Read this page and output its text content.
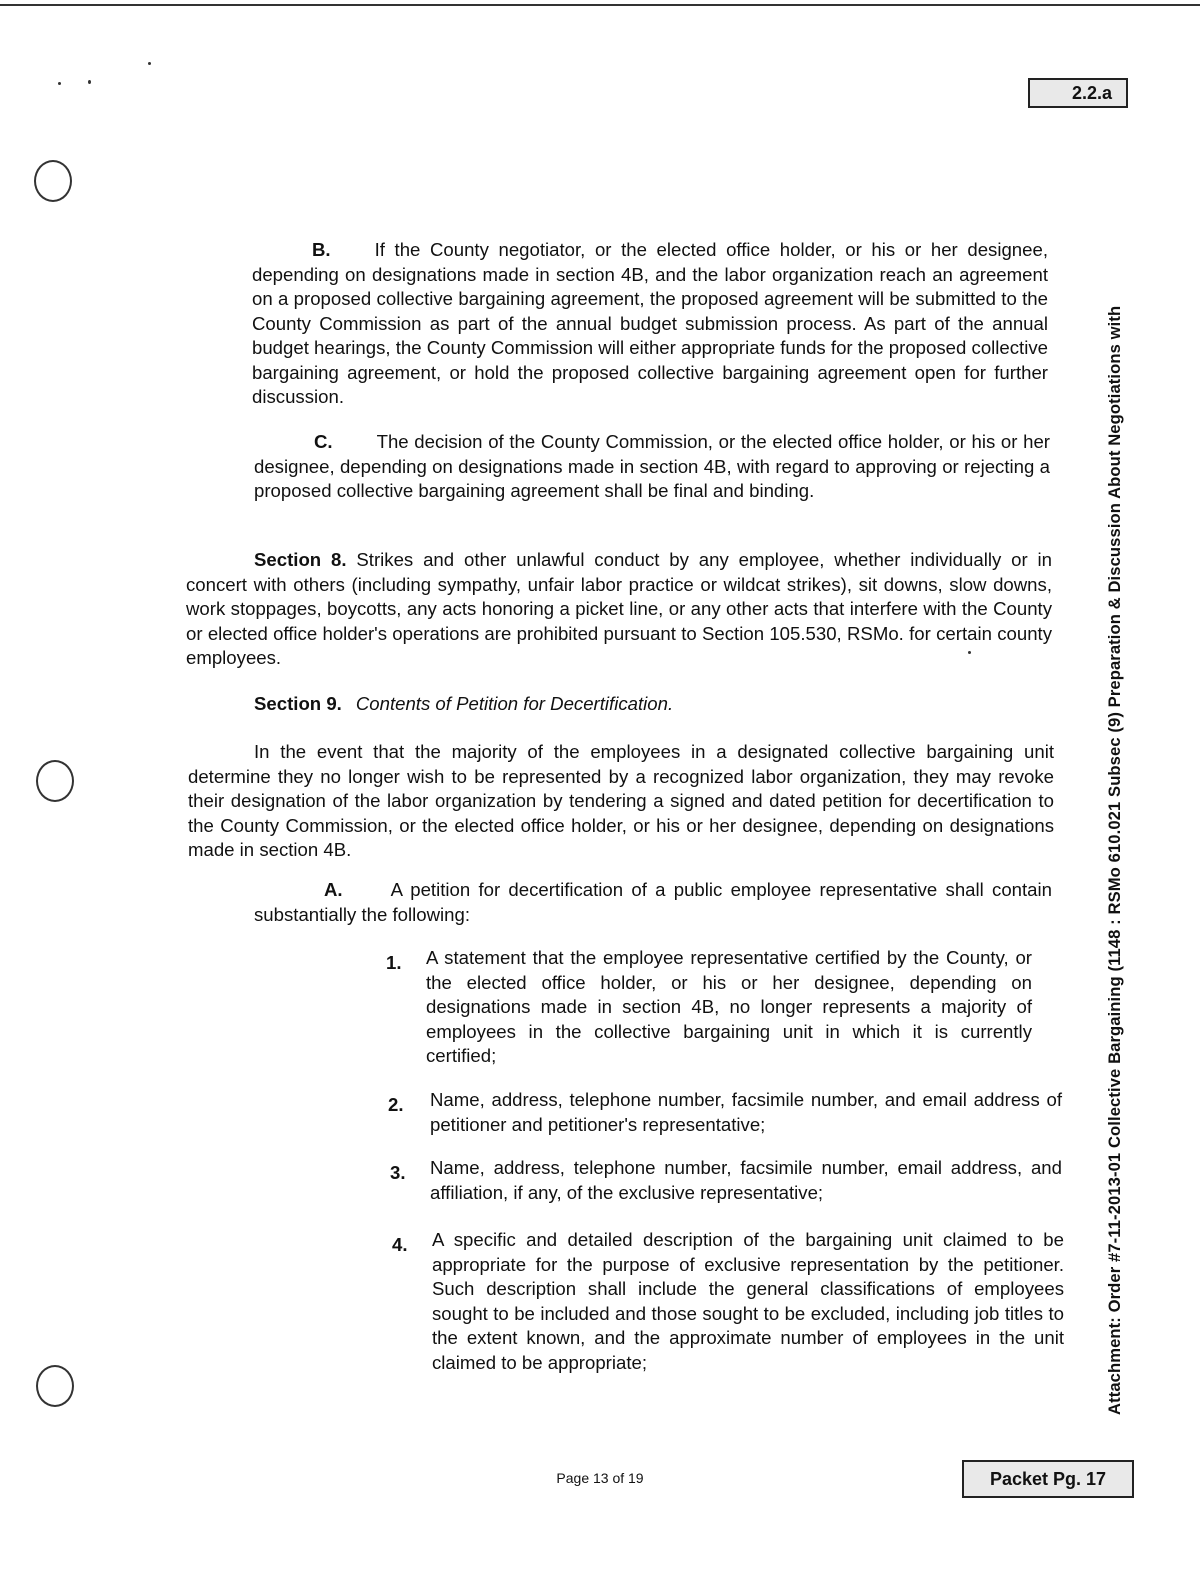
2.2.a
Attachment: Order #7-11-2013-01 Collective Bargaining (1148 : RSMo 610.021 Subsec (9) Preparation & Discussion About Negotiations with

B. If the County negotiator, or the elected office holder, or his or her designee, depending on designations made in section 4B, and the labor organization reach an agreement on a proposed collective bargaining agreement, the proposed agreement will be submitted to the County Commission as part of the annual budget submission process. As part of the annual budget hearings, the County Commission will either appropriate funds for the proposed collective bargaining agreement, or hold the proposed collective bargaining agreement open for further discussion.

C. The decision of the County Commission, or the elected office holder, or his or her designee, depending on designations made in section 4B, with regard to approving or rejecting a proposed collective bargaining agreement shall be final and binding.

Section 8. Strikes and other unlawful conduct by any employee, whether individually or in concert with others (including sympathy, unfair labor practice or wildcat strikes), sit downs, slow downs, work stoppages, boycotts, any acts honoring a picket line, or any other acts that interfere with the County or elected office holder's operations are prohibited pursuant to Section 105.530, RSMo. for certain county employees.

Section 9. Contents of Petition for Decertification.

In the event that the majority of the employees in a designated collective bargaining unit determine they no longer wish to be represented by a recognized labor organization, they may revoke their designation of the labor organization by tendering a signed and dated petition for decertification to the County Commission, or the elected office holder, or his or her designee, depending on designations made in section 4B.

A.	A petition for decertification of a public employee representative shall contain substantially the following:

1. A statement that the employee representative certified by the County, or the elected office holder, or his or her designee, depending on designations made in section 4B, no longer represents a majority of employees in the collective bargaining unit in which it is currently certified;

2. Name, address, telephone number, facsimile number, and email address of petitioner and petitioner's representative;

3. Name, address, telephone number, facsimile number, email address, and affiliation, if any, of the exclusive representative;

4. A specific and detailed description of the bargaining unit claimed to be appropriate for the purpose of exclusive representation by the petitioner. Such description shall include the general classifications of employees sought to be included and those sought to be excluded, including job titles to the extent known, and the approximate number of employees in the unit claimed to be appropriate;

Page 13 of 19	Packet Pg. 17
